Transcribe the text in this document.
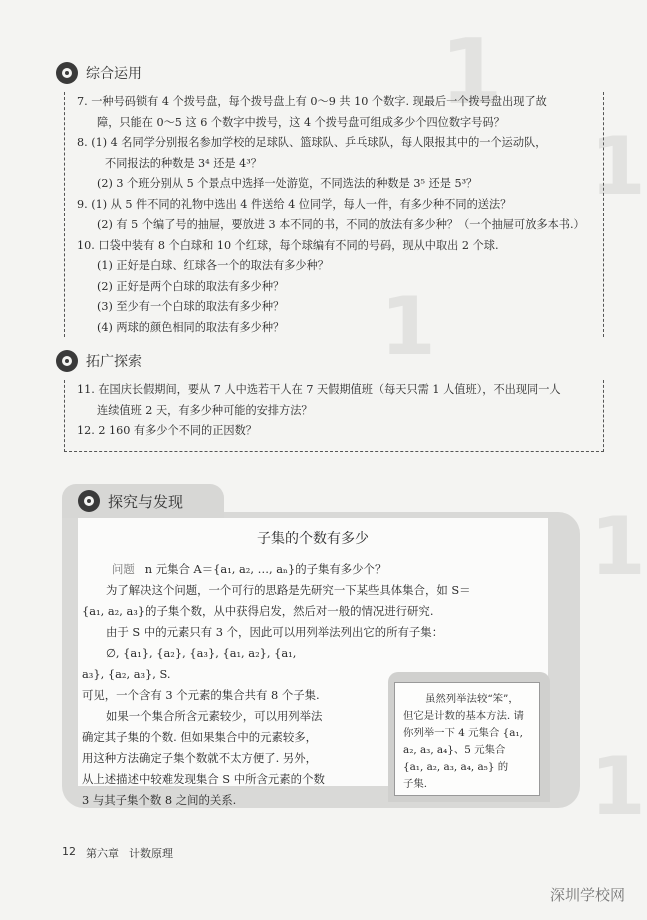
1
1
1
1
1
综合运用
7. 一种号码锁有 4 个拨号盘，每个拨号盘上有 0～9 共 10 个数字. 现最后一个拨号盘出现了故
障，只能在 0～5 这 6 个数字中拨号，这 4 个拨号盘可组成多少个四位数字号码？
8. (1) 4 名同学分别报名参加学校的足球队、篮球队、乒乓球队，每人限报其中的一个运动队，
不同报法的种数是 3⁴ 还是 4³？
(2) 3 个班分别从 5 个景点中选择一处游览，不同选法的种数是 3⁵ 还是 5³？
9. (1) 从 5 件不同的礼物中选出 4 件送给 4 位同学，每人一件，有多少种不同的送法？
(2) 有 5 个编了号的抽屉，要放进 3 本不同的书，不同的放法有多少种？（一个抽屉可放多本书.）
10. 口袋中装有 8 个白球和 10 个红球，每个球编有不同的号码，现从中取出 2 个球.
(1) 正好是白球、红球各一个的取法有多少种？
(2) 正好是两个白球的取法有多少种？
(3) 至少有一个白球的取法有多少种？
(4) 两球的颜色相同的取法有多少种？
拓广探索
11. 在国庆长假期间，要从 7 人中选若干人在 7 天假期值班（每天只需 1 人值班），不出现同一人
连续值班 2 天，有多少种可能的安排方法？
12. 2 160 有多少个不同的正因数？
探究与发现
子集的个数有多少
问题 n 元集合 A＝{a₁, a₂, …, aₙ}的子集有多少个？
为了解决这个问题，一个可行的思路是先研究一下某些具体集合，如 S＝
{a₁, a₂, a₃}的子集个数，从中获得启发，然后对一般的情况进行研究.
由于 S 中的元素只有 3 个，因此可以用列举法列出它的所有子集：
∅, {a₁}, {a₂}, {a₃}, {a₁, a₂}, {a₁,
a₃}, {a₂, a₃}, S.
可见，一个含有 3 个元素的集合共有 8 个子集.
如果一个集合所含元素较少，可以用列举法
确定其子集的个数. 但如果集合中的元素较多，
用这种方法确定子集个数就不太方便了. 另外，
从上述描述中较难发现集合 S 中所含元素的个数
3 与其子集个数 8 之间的关系.
虽然列举法较“笨”，
但它是计数的基本方法. 请
你列举一下 4 元集合 {a₁,
a₂, a₃, a₄}、5 元集合
{a₁, a₂, a₃, a₄, a₅} 的
子集.
12 第六章 计数原理
深圳学校网
